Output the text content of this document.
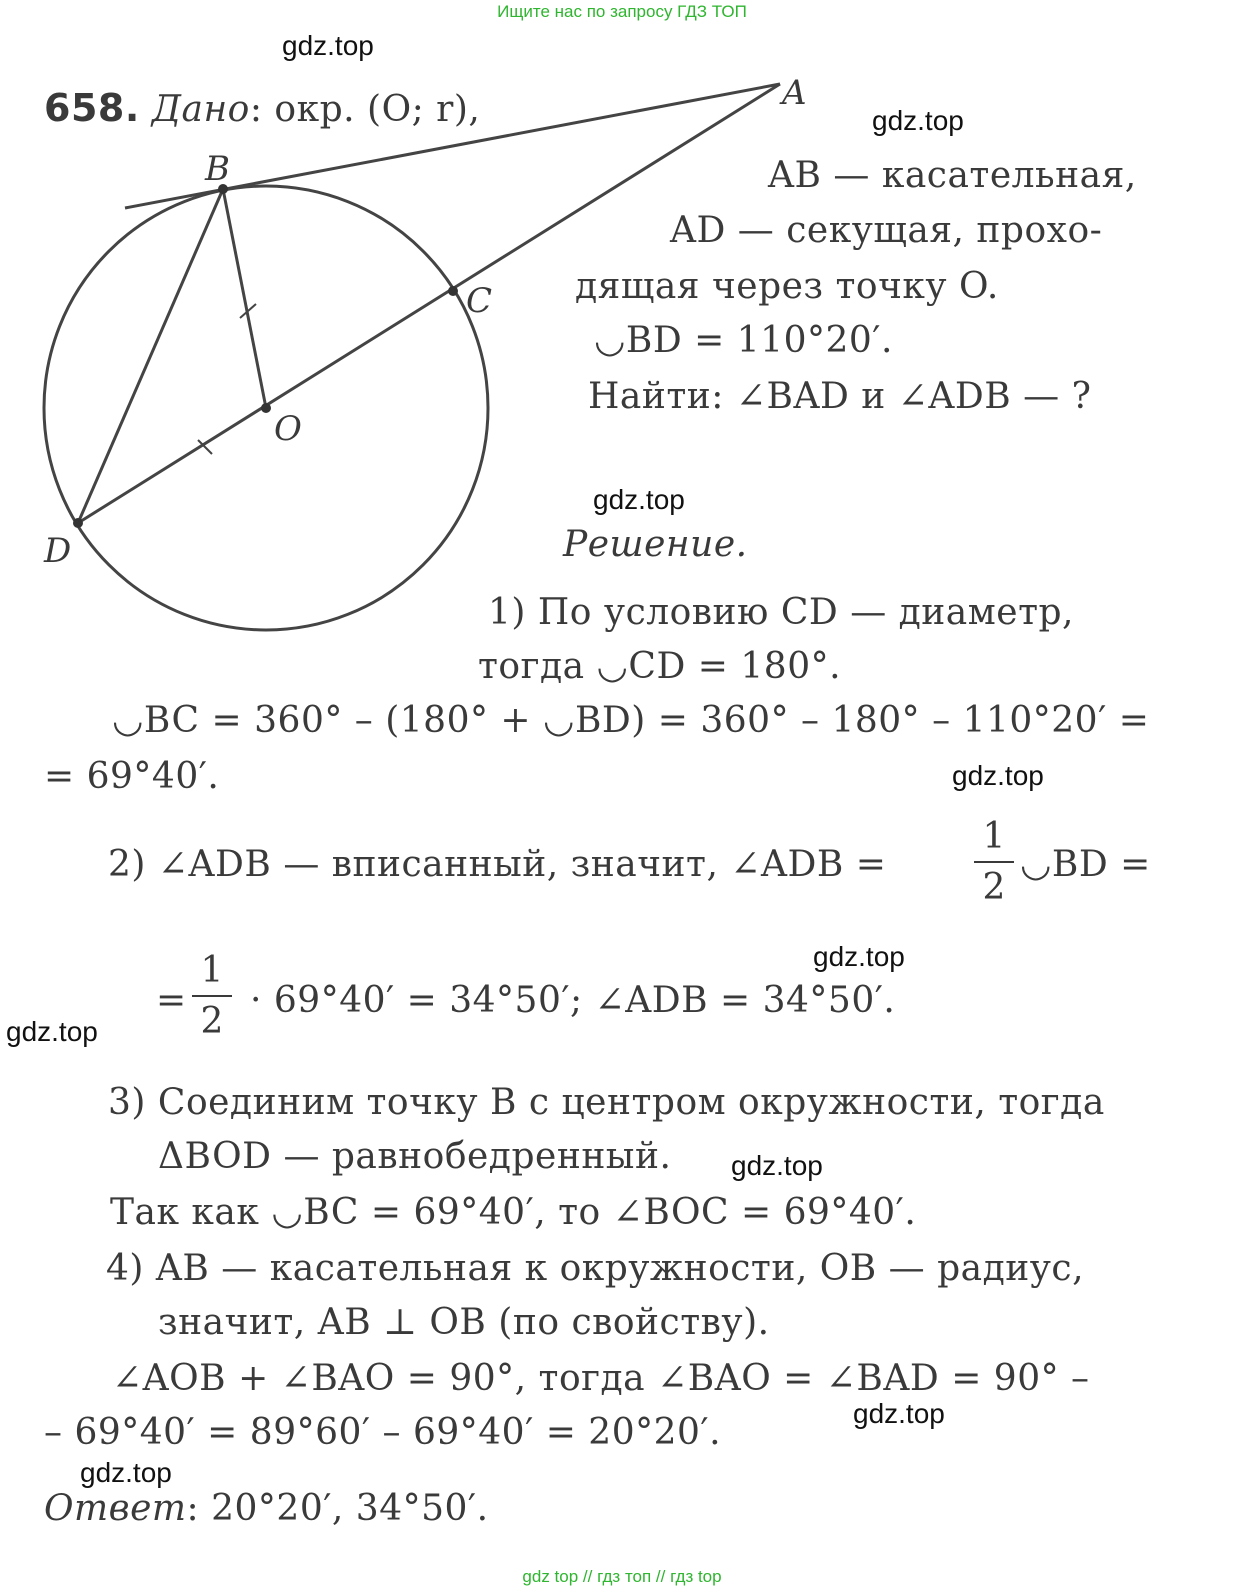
Ищите нас по запросу ГДЗ ТОП
gdz.top
gdz.top
gdz.top
gdz.top
gdz.top
gdz.top
gdz.top
gdz.top
gdz.top
A
B
C
O
D
658. Дано: окр. (O; r),
AB — касательная,
AD — секущая, прохо-
дящая через точку O.
◡BD = 110°20′.
Найти: ∠BAD и ∠ADB — ?
Решение.
1) По условию CD — диаметр,
тогда ◡CD = 180°.
◡BC = 360° – (180° + ◡BD) = 360° – 180° – 110°20′ =
= 69°40′.
2) ∠ADB — вписанный, значит, ∠ADB =
1
2
◡BD =
=
1
2
· 69°40′ = 34°50′; ∠ADB = 34°50′.
3) Соединим точку B с центром окружности, тогда
ΔBOD — равнобедренный.
Так как ◡BC = 69°40′, то ∠BOC = 69°40′.
4) AB — касательная к окружности, OB — радиус,
значит, AB ⊥ OB (по свойству).
∠AOB + ∠BAO = 90°, тогда ∠BAO = ∠BAD = 90° –
– 69°40′ = 89°60′ – 69°40′ = 20°20′.
Ответ: 20°20′, 34°50′.
gdz top // гдз топ // гдз top
